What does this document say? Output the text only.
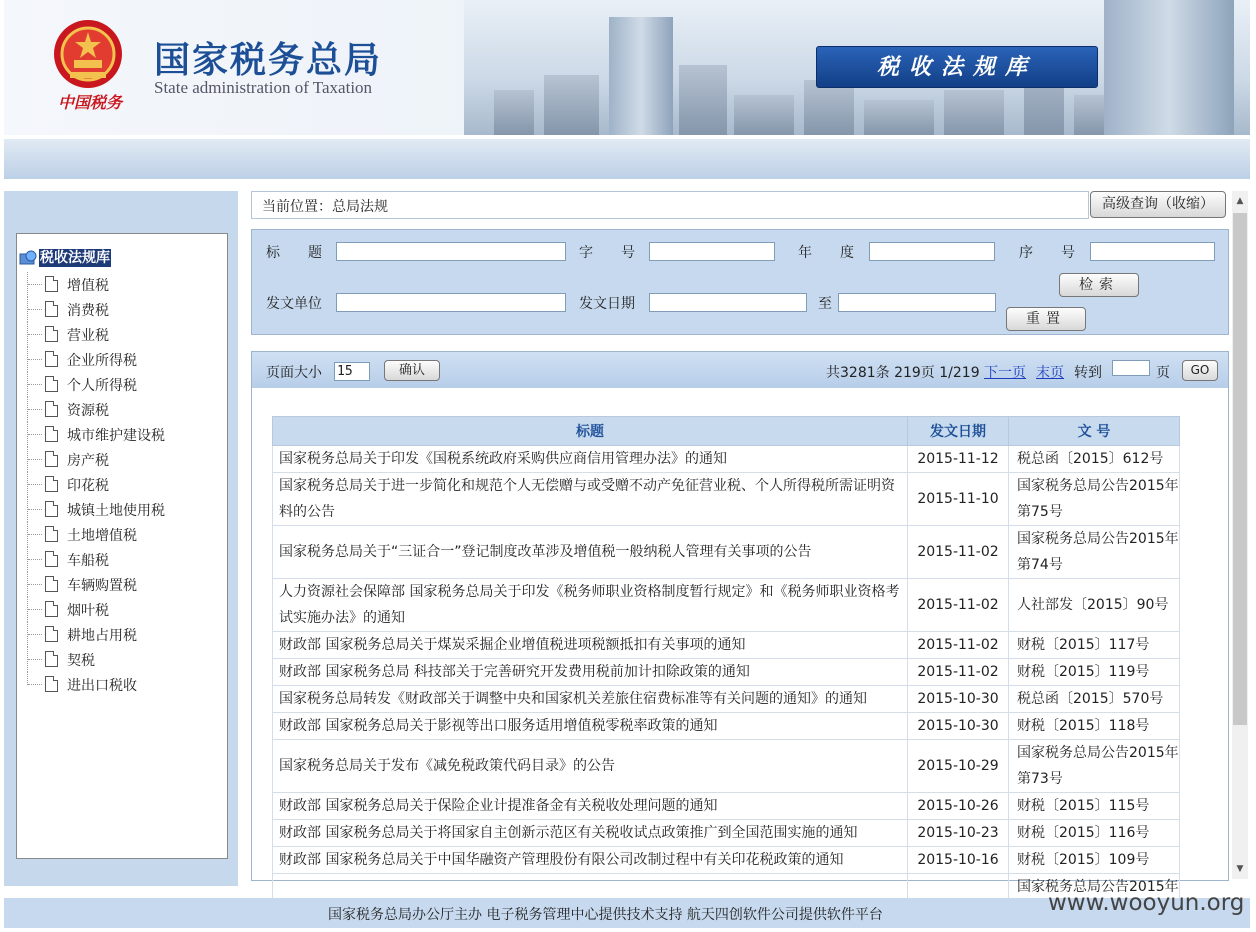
中国税务
国家税务总局
State administration of Taxation
税收法规库
税收法规库
增值税
消费税
营业税
企业所得税
个人所得税
资源税
城市维护建设税
房产税
印花税
城镇土地使用税
土地增值税
车船税
车辆购置税
烟叶税
耕地占用税
契税
进出口税收
当前位置：总局法规	高级查询（收缩）
标　　题	字　　号	年　　度	序　　号
发文单位	发文日期	至
检索
重置
页面大小 15	确认	共3281条 219页 1/219 下一页 末页 转到	页	GO
标题	发文日期	文 号
国家税务总局关于印发《国税系统政府采购供应商信用管理办法》的通知	2015-11-12	税总函〔2015〕612号
国家税务总局关于进一步简化和规范个人无偿赠与或受赠不动产免征营业税、个人所得税所需证明资料的公告	2015-11-10	国家税务总局公告2015年第75号
国家税务总局关于“三证合一”登记制度改革涉及增值税一般纳税人管理有关事项的公告	2015-11-02	国家税务总局公告2015年第74号
人力资源社会保障部 国家税务总局关于印发《税务师职业资格制度暂行规定》和《税务师职业资格考试实施办法》的通知	2015-11-02	人社部发〔2015〕90号
财政部 国家税务总局关于煤炭采掘企业增值税进项税额抵扣有关事项的通知	2015-11-02	财税〔2015〕117号
财政部 国家税务总局 科技部关于完善研究开发费用税前加计扣除政策的通知	2015-11-02	财税〔2015〕119号
国家税务总局转发《财政部关于调整中央和国家机关差旅住宿费标准等有关问题的通知》的通知	2015-10-30	税总函〔2015〕570号
财政部 国家税务总局关于影视等出口服务适用增值税零税率政策的通知	2015-10-30	财税〔2015〕118号
国家税务总局关于发布《减免税政策代码目录》的公告	2015-10-29	国家税务总局公告2015年第73号
财政部 国家税务总局关于保险企业计提准备金有关税收处理问题的通知	2015-10-26	财税〔2015〕115号
财政部 国家税务总局关于将国家自主创新示范区有关税收试点政策推广到全国范围实施的通知	2015-10-23	财税〔2015〕116号
财政部 国家税务总局关于中国华融资产管理股份有限公司改制过程中有关印花税政策的通知	2015-10-16	财税〔2015〕109号
		国家税务总局公告2015年
▲
▼
国家税务总局办公厅主办 电子税务管理中心提供技术支持 航天四创软件公司提供软件平台	www.wooyun.org
